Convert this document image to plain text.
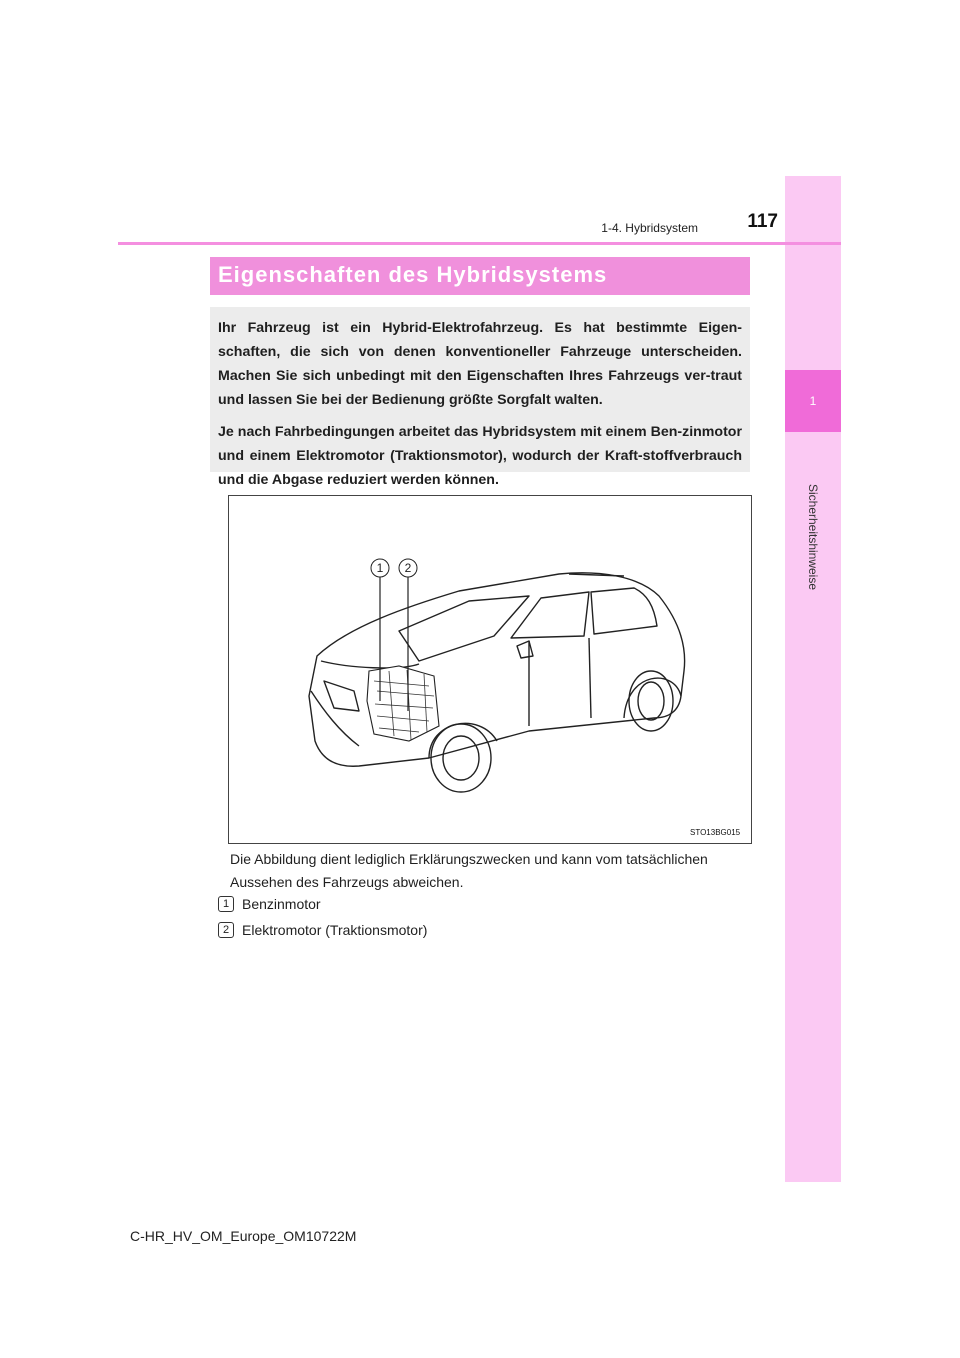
1
Sicherheitshinweise
1-4. Hybridsystem	117
Eigenschaften des Hybridsystems

Ihr Fahrzeug ist ein Hybrid-Elektrofahrzeug. Es hat bestimmte Eigen-schaften, die sich von denen konventioneller Fahrzeuge unterscheiden. Machen Sie sich unbedingt mit den Eigenschaften Ihres Fahrzeugs ver-traut und lassen Sie bei der Bedienung größte Sorgfalt walten.

Je nach Fahrbedingungen arbeitet das Hybridsystem mit einem Ben-zinmotor und einem Elektromotor (Traktionsmotor), wodurch der Kraft-stoffverbrauch und die Abgase reduziert werden können.

1 2
STO13BG015
Die Abbildung dient lediglich Erklärungszwecken und kann vom tatsächlichen Aussehen des Fahrzeugs abweichen.
1 Benzinmotor
2 Elektromotor (Traktionsmotor)
C-HR_HV_OM_Europe_OM10722M
